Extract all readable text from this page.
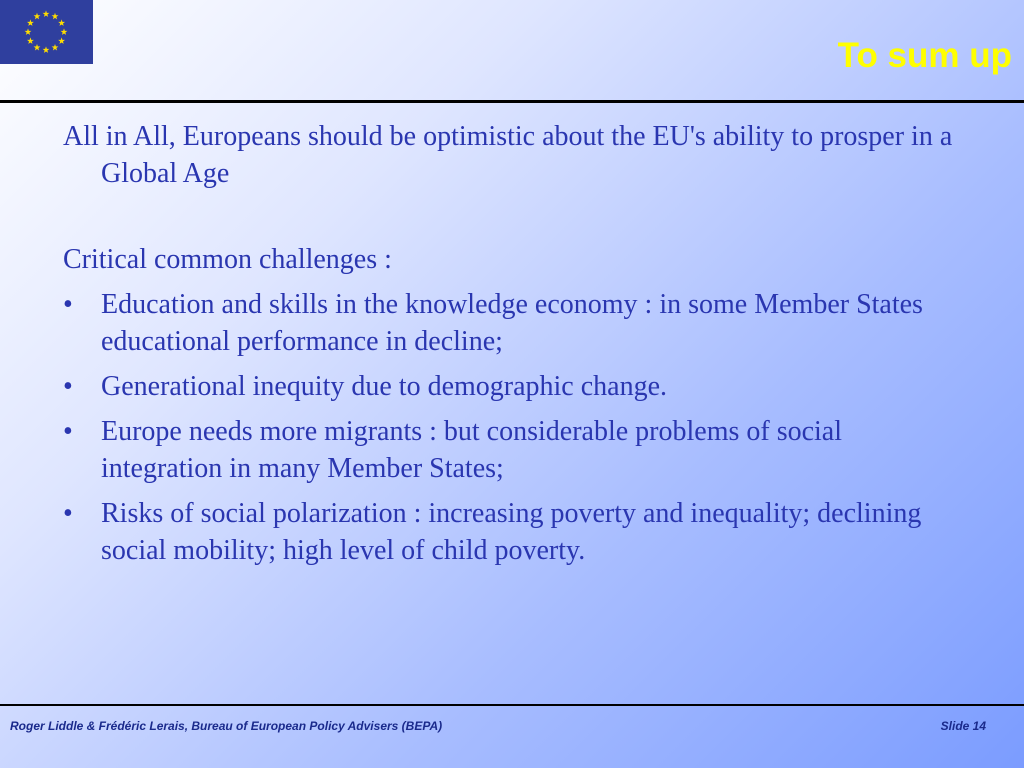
To sum up

All in All, Europeans should be optimistic about the EU's ability to prosper in a Global Age

Critical common challenges :

• Education and skills in the knowledge economy : in some Member States educational performance in decline;
• Generational inequity due to demographic change.
• Europe needs more migrants : but considerable problems of social integration in many Member States;
• Risks of social polarization : increasing poverty and inequality; declining social mobility; high level of child poverty.
Roger Liddle & Frédéric Lerais, Bureau of European Policy Advisers (BEPA)	Slide 14
